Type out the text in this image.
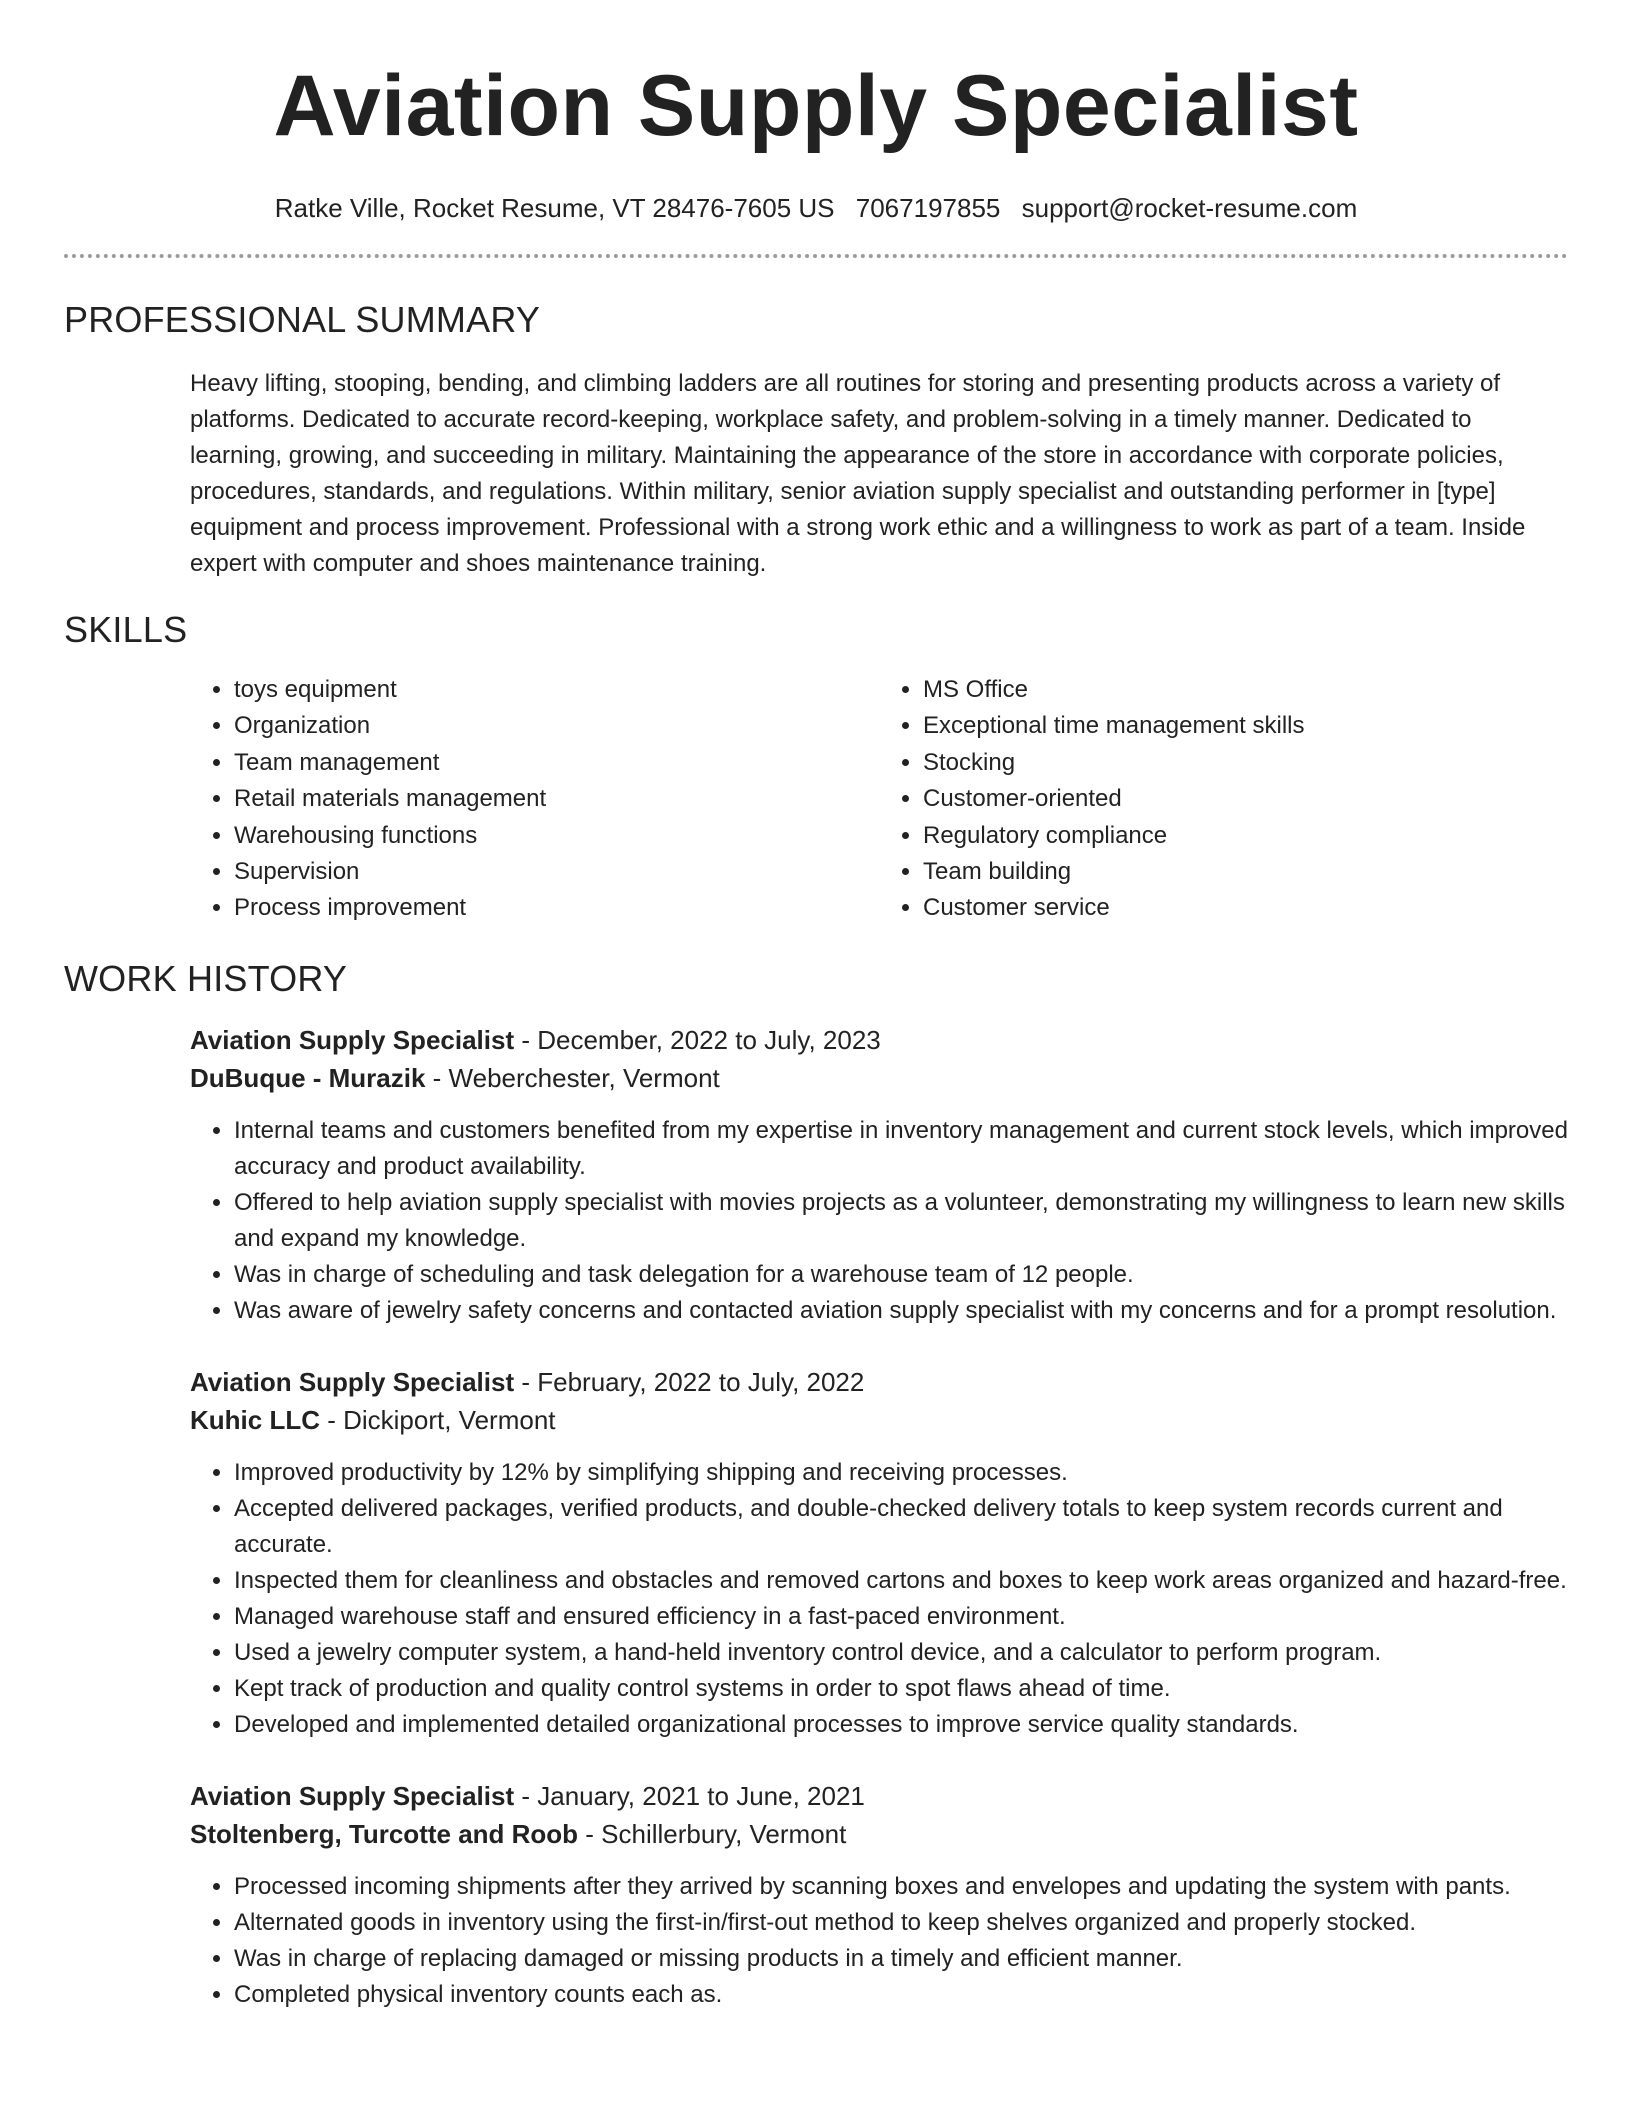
Aviation Supply Specialist
Ratke Ville, Rocket Resume, VT 28476-7605 US 7067197855 support@rocket-resume.com
PROFESSIONAL SUMMARY
Heavy lifting, stooping, bending, and climbing ladders are all routines for storing and presenting products across a variety of platforms. Dedicated to accurate record-keeping, workplace safety, and problem-solving in a timely manner. Dedicated to learning, growing, and succeeding in military. Maintaining the appearance of the store in accordance with corporate policies, procedures, standards, and regulations. Within military, senior aviation supply specialist and outstanding performer in [type] equipment and process improvement. Professional with a strong work ethic and a willingness to work as part of a team. Inside expert with computer and shoes maintenance training.
SKILLS
• toys equipment
• Organization
• Team management
• Retail materials management
• Warehousing functions
• Supervision
• Process improvement
• MS Office
• Exceptional time management skills
• Stocking
• Customer-oriented
• Regulatory compliance
• Team building
• Customer service
WORK HISTORY
Aviation Supply Specialist - December, 2022 to July, 2023
DuBuque - Murazik - Weberchester, Vermont
• Internal teams and customers benefited from my expertise in inventory management and current stock levels, which improved accuracy and product availability.
• Offered to help aviation supply specialist with movies projects as a volunteer, demonstrating my willingness to learn new skills and expand my knowledge.
• Was in charge of scheduling and task delegation for a warehouse team of 12 people.
• Was aware of jewelry safety concerns and contacted aviation supply specialist with my concerns and for a prompt resolution.
Aviation Supply Specialist - February, 2022 to July, 2022
Kuhic LLC - Dickiport, Vermont
• Improved productivity by 12% by simplifying shipping and receiving processes.
• Accepted delivered packages, verified products, and double-checked delivery totals to keep system records current and accurate.
• Inspected them for cleanliness and obstacles and removed cartons and boxes to keep work areas organized and hazard-free.
• Managed warehouse staff and ensured efficiency in a fast-paced environment.
• Used a jewelry computer system, a hand-held inventory control device, and a calculator to perform program.
• Kept track of production and quality control systems in order to spot flaws ahead of time.
• Developed and implemented detailed organizational processes to improve service quality standards.
Aviation Supply Specialist - January, 2021 to June, 2021
Stoltenberg, Turcotte and Roob - Schillerbury, Vermont
• Processed incoming shipments after they arrived by scanning boxes and envelopes and updating the system with pants.
• Alternated goods in inventory using the first-in/first-out method to keep shelves organized and properly stocked.
• Was in charge of replacing damaged or missing products in a timely and efficient manner.
• Completed physical inventory counts each as.
